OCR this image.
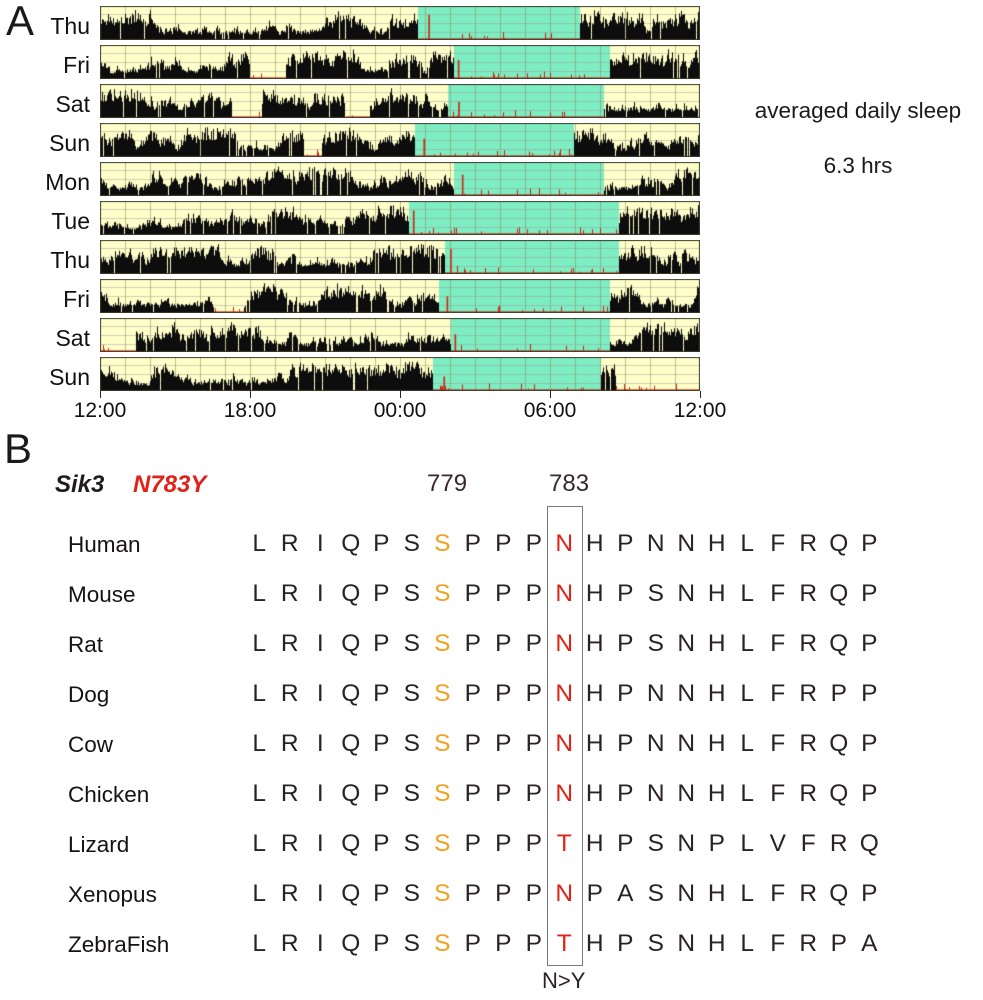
A Thu
Fri
Sat
Sun
Mon
Tue
Thu
Fri
Sat
Sun
12:00	18:00	00:00	06:00	12:00
averaged daily sleep
6.3 hrs
B
Sik3 N783Y	779	783
Human	L R I Q P S S P P P N H P N N H L F R Q P
Mouse	L R I Q P S S P P P N H P S N H L F R Q P
Rat	L R I Q P S S P P P N H P S N H L F R Q P
Dog	L R I Q P S S P P P N H P N N H L F R P P
Cow	L R I Q P S S P P P N H P N N H L F R Q P
Chicken	L R I Q P S S P P P N H P N N H L F R Q P
Lizard	L R I Q P S S P P P T H P S N P L V F R Q
Xenopus	L R I Q P S S P P P N P A S N H L F R Q P
ZebraFish	L R I Q P S S P P P T H P S N H L F R P A
N>Y
